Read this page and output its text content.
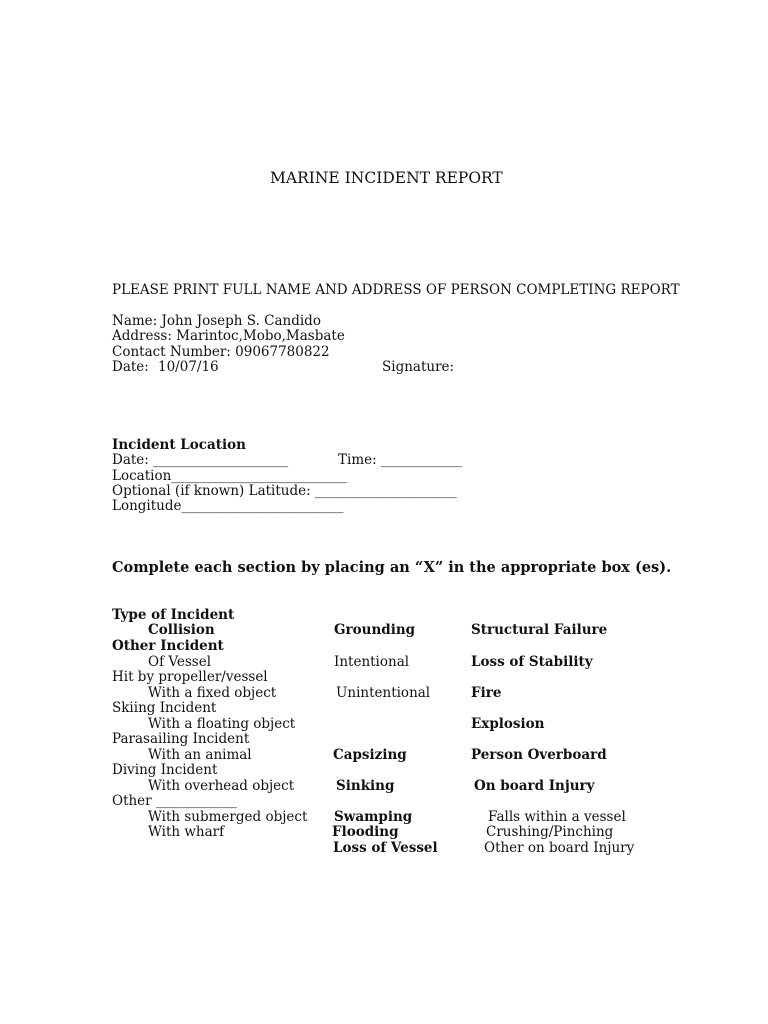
MARINE INCIDENT REPORT
PLEASE PRINT FULL NAME AND ADDRESS OF PERSON COMPLETING REPORT
Name: John Joseph S. Candido
Address: Marintoc,Mobo,Masbate
Contact Number: 09067780822
Date: 10/07/16	Signature:
Incident Location
Date: ____________________	Time: ____________
Location__________________________
Optional (if known) Latitude: _____________________
Longitude________________________
Complete each section by placing an “X” in the appropriate box (es).
Type of Incident
Collision
Other Incident
Of Vessel
Hit by propeller/vessel
With a fixed object
Skiing Incident
With a floating object
Parasailing Incident
With an animal
Diving Incident
With overhead object
Other ____________
With submerged object
With wharf
Grounding
Intentional
Unintentional
Capsizing
Sinking
Swamping
Flooding
Loss of Vessel
Structural Failure
Loss of Stability
Fire
Explosion
Person Overboard
On board Injury
Falls within a vessel
Crushing/Pinching
Other on board Injury
